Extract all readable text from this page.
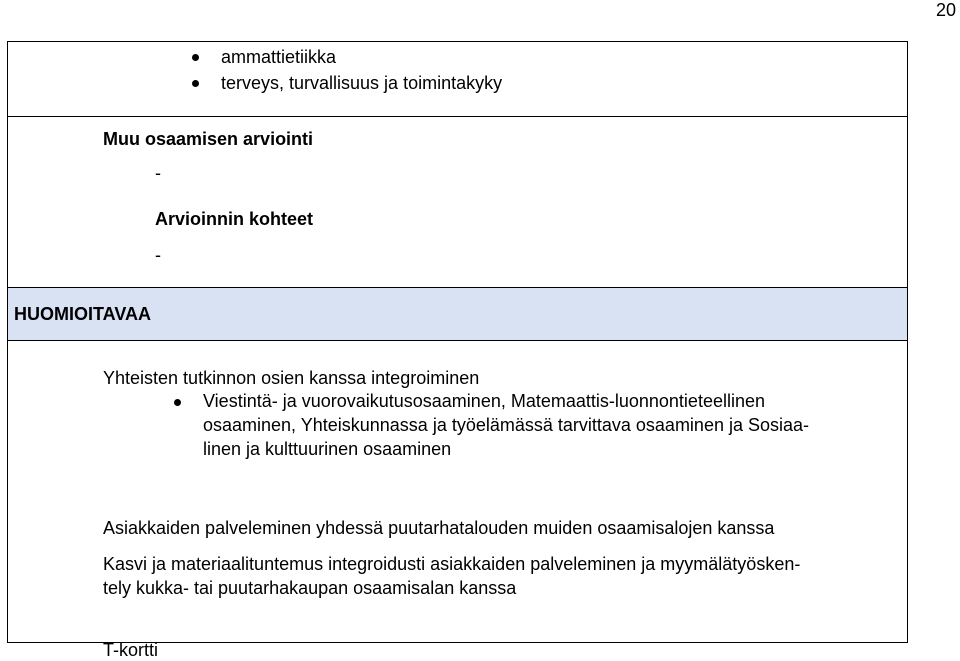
20
ammattietiikka
terveys, turvallisuus ja toimintakyky
Muu osaamisen arviointi
-
Arvioinnin kohteet
-
HUOMIOITAVAA
Yhteisten tutkinnon osien kanssa integroiminen
Viestintä- ja vuorovaikutusosaaminen, Matemaattis-luonnontieteellinen
osaaminen, Yhteiskunnassa ja työelämässä tarvittava osaaminen ja Sosiaa-
linen ja kulttuurinen osaaminen
Asiakkaiden palveleminen yhdessä puutarhatalouden muiden osaamisalojen kanssa
Kasvi ja materiaalituntemus integroidusti asiakkaiden palveleminen ja myymälätyösken-
tely kukka- tai puutarhakaupan osaamisalan kanssa
T-kortti
